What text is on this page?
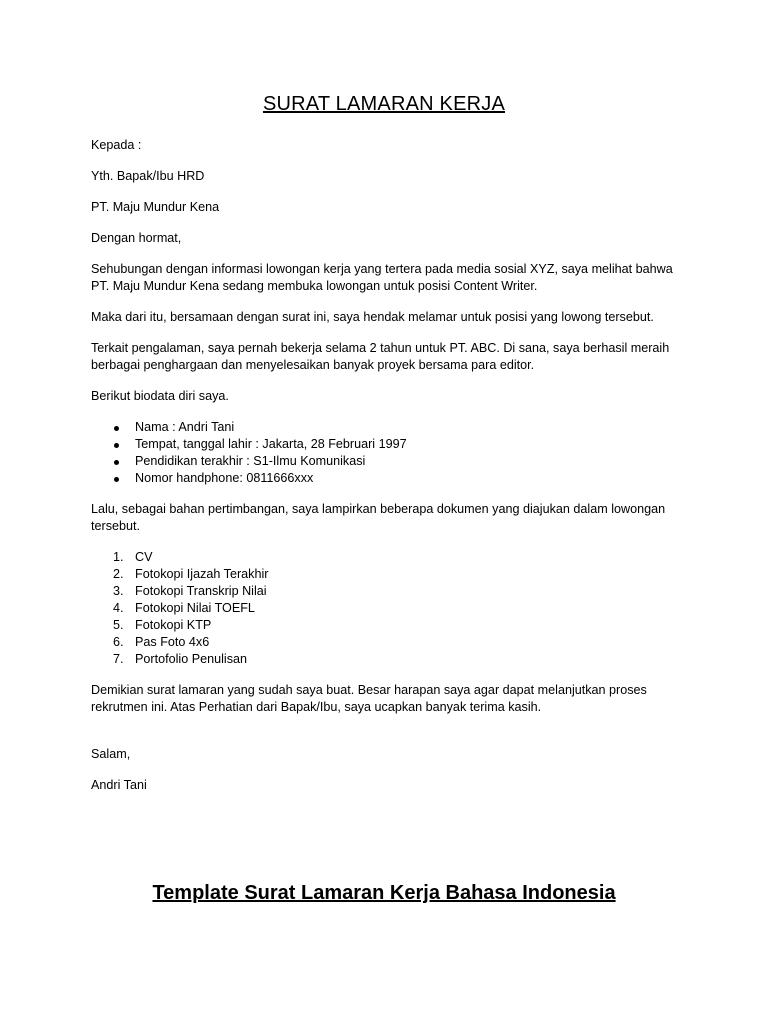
SURAT LAMARAN KERJA

Kepada :

Yth. Bapak/Ibu HRD

PT. Maju Mundur Kena

Dengan hormat,

Sehubungan dengan informasi lowongan kerja yang tertera pada media sosial XYZ, saya melihat bahwa PT. Maju Mundur Kena sedang membuka lowongan untuk posisi Content Writer.

Maka dari itu, bersamaan dengan surat ini, saya hendak melamar untuk posisi yang lowong tersebut.

Terkait pengalaman, saya pernah bekerja selama 2 tahun untuk PT. ABC. Di sana, saya berhasil meraih berbagai penghargaan dan menyelesaikan banyak proyek bersama para editor.

Berikut biodata diri saya.

Nama : Andri Tani
Tempat, tanggal lahir : Jakarta, 28 Februari 1997
Pendidikan terakhir : S1-Ilmu Komunikasi
Nomor handphone: 0811666xxx

Lalu, sebagai bahan pertimbangan, saya lampirkan beberapa dokumen yang diajukan dalam lowongan tersebut.

1. CV
2. Fotokopi Ijazah Terakhir
3. Fotokopi Transkrip Nilai
4. Fotokopi Nilai TOEFL
5. Fotokopi KTP
6. Pas Foto 4x6
7. Portofolio Penulisan

Demikian surat lamaran yang sudah saya buat. Besar harapan saya agar dapat melanjutkan proses rekrutmen ini. Atas Perhatian dari Bapak/Ibu, saya ucapkan banyak terima kasih.

Salam,

Andri Tani

Template Surat Lamaran Kerja Bahasa Indonesia
